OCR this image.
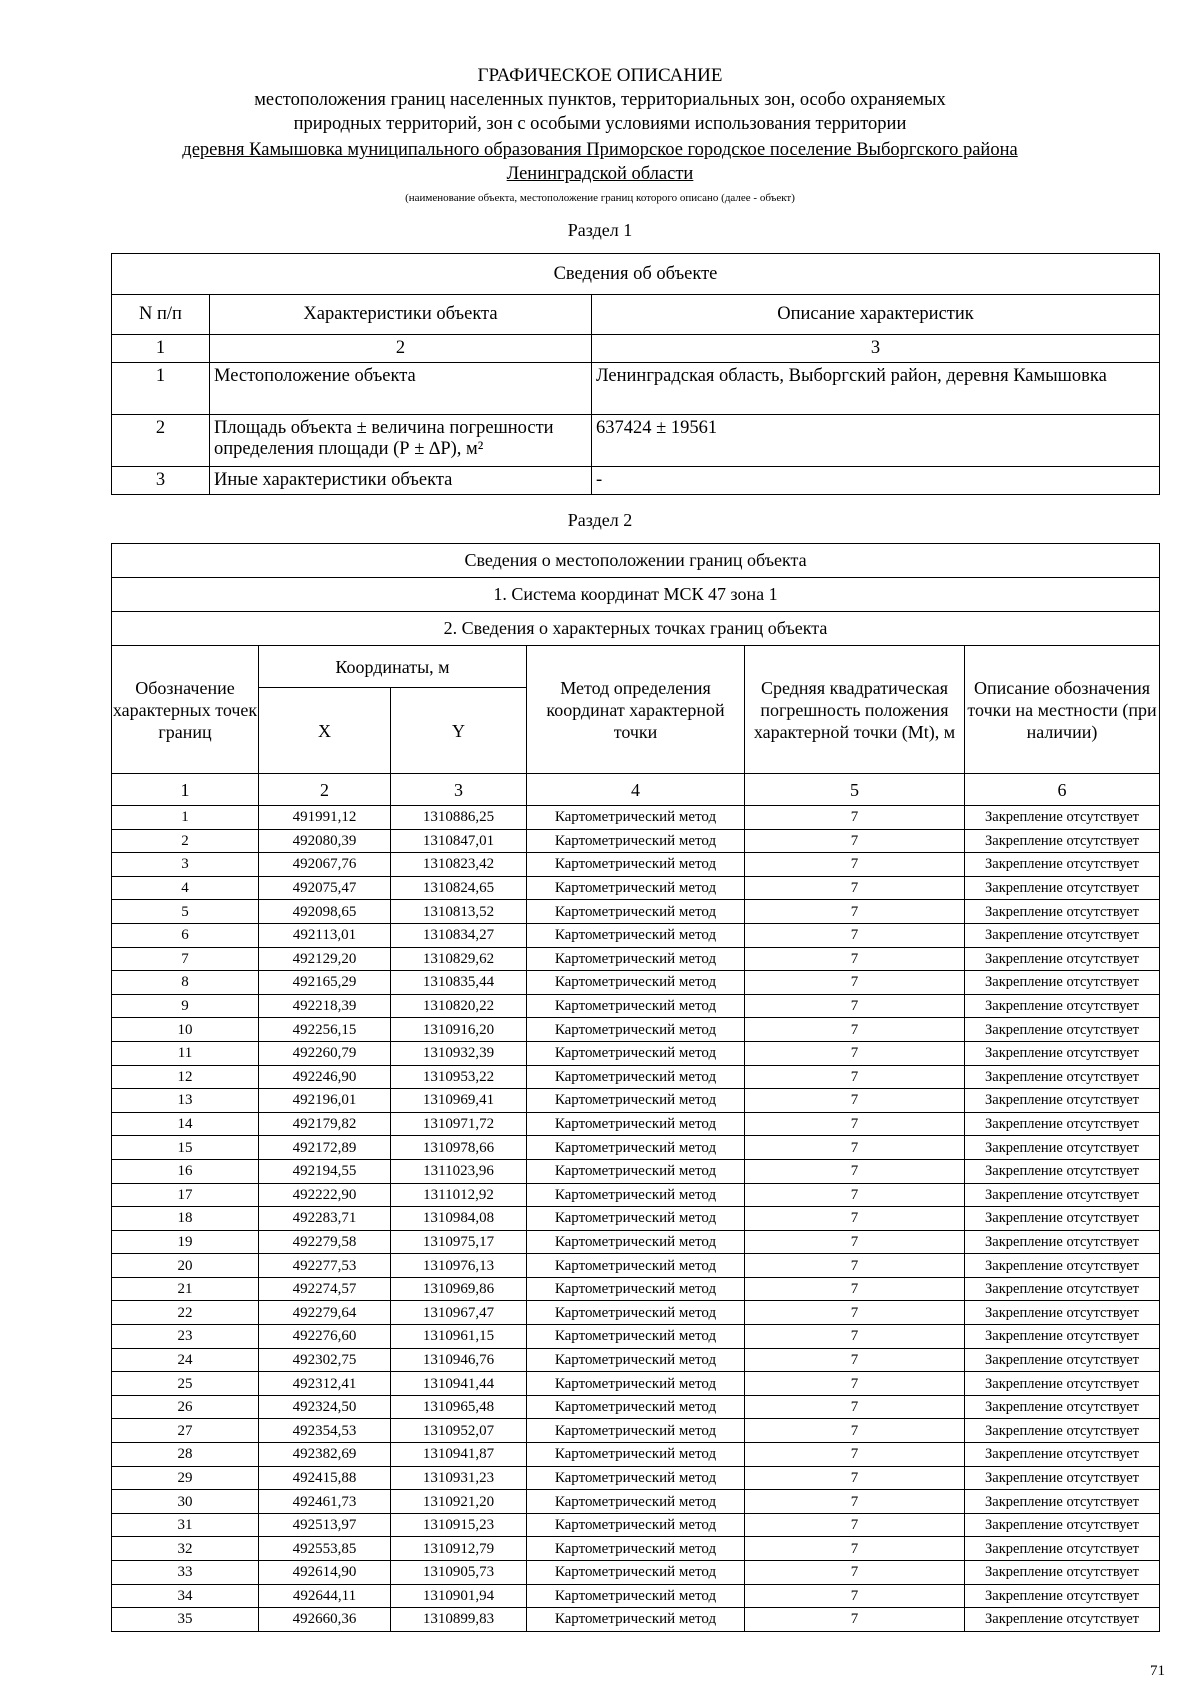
ГРАФИЧЕСКОЕ ОПИСАНИЕ
местоположения границ населенных пунктов, территориальных зон, особо охраняемых
природных территорий, зон с особыми условиями использования территории
деревня Камышовка муниципального образования Приморское городское поселение Выборгского района
Ленинградской области
(наименование объекта, местоположение границ которого описано (далее - объект)
Раздел 1
Сведения об объекте		
N п/п	Характеристики объекта	Описание характеристик
1	2	3
1	Местоположение объекта	Ленинградская область, Выборгский район, деревня Камышовка
2	Площадь объекта ± величина погрешности определения площади (Р ± ∆Р), м²	637424 ± 19561
3	Иные характеристики объекта	-
Раздел 2
Сведения о местоположении границ объекта					
1. Система координат МСК 47 зона 1					
2. Сведения о характерных точках границ объекта					
Обозначение характерных точек границ	Координаты, м		Метод определения координат характерной точки	Средняя квадратическая погрешность положения характерной точки (Mt), м	Описание обозначения точки на местности (при наличии)
	X	Y			
1	2	3	4	5	6
1	491991,12	1310886,25	Картометрический метод	7	Закрепление отсутствует
2	492080,39	1310847,01	Картометрический метод	7	Закрепление отсутствует
3	492067,76	1310823,42	Картометрический метод	7	Закрепление отсутствует
4	492075,47	1310824,65	Картометрический метод	7	Закрепление отсутствует
5	492098,65	1310813,52	Картометрический метод	7	Закрепление отсутствует
6	492113,01	1310834,27	Картометрический метод	7	Закрепление отсутствует
7	492129,20	1310829,62	Картометрический метод	7	Закрепление отсутствует
8	492165,29	1310835,44	Картометрический метод	7	Закрепление отсутствует
9	492218,39	1310820,22	Картометрический метод	7	Закрепление отсутствует
10	492256,15	1310916,20	Картометрический метод	7	Закрепление отсутствует
11	492260,79	1310932,39	Картометрический метод	7	Закрепление отсутствует
12	492246,90	1310953,22	Картометрический метод	7	Закрепление отсутствует
13	492196,01	1310969,41	Картометрический метод	7	Закрепление отсутствует
14	492179,82	1310971,72	Картометрический метод	7	Закрепление отсутствует
15	492172,89	1310978,66	Картометрический метод	7	Закрепление отсутствует
16	492194,55	1311023,96	Картометрический метод	7	Закрепление отсутствует
17	492222,90	1311012,92	Картометрический метод	7	Закрепление отсутствует
18	492283,71	1310984,08	Картометрический метод	7	Закрепление отсутствует
19	492279,58	1310975,17	Картометрический метод	7	Закрепление отсутствует
20	492277,53	1310976,13	Картометрический метод	7	Закрепление отсутствует
21	492274,57	1310969,86	Картометрический метод	7	Закрепление отсутствует
22	492279,64	1310967,47	Картометрический метод	7	Закрепление отсутствует
23	492276,60	1310961,15	Картометрический метод	7	Закрепление отсутствует
24	492302,75	1310946,76	Картометрический метод	7	Закрепление отсутствует
25	492312,41	1310941,44	Картометрический метод	7	Закрепление отсутствует
26	492324,50	1310965,48	Картометрический метод	7	Закрепление отсутствует
27	492354,53	1310952,07	Картометрический метод	7	Закрепление отсутствует
28	492382,69	1310941,87	Картометрический метод	7	Закрепление отсутствует
29	492415,88	1310931,23	Картометрический метод	7	Закрепление отсутствует
30	492461,73	1310921,20	Картометрический метод	7	Закрепление отсутствует
31	492513,97	1310915,23	Картометрический метод	7	Закрепление отсутствует
32	492553,85	1310912,79	Картометрический метод	7	Закрепление отсутствует
33	492614,90	1310905,73	Картометрический метод	7	Закрепление отсутствует
34	492644,11	1310901,94	Картометрический метод	7	Закрепление отсутствует
35	492660,36	1310899,83	Картометрический метод	7	Закрепление отсутствует
71
